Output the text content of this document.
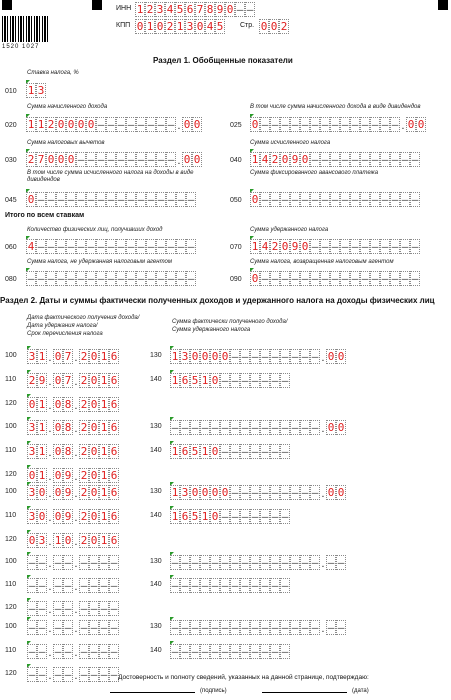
1520 1027
ИНН 1 2 3 4 5 6 7 8 9 0 – –
КПП 0 1 0 2 1 3 0 4 5 Стр. 0 0 2
Раздел 1. Обобщенные показатели
Ставка налога, %
010 1 3
Сумма начисленного дохода
020 1 1 2 0 0 0 0 – – – – – – – – . 0 0
В том числе сумма начисленного дохода в виде дивидендов
025 0 – – – – – – – – – – – – – – . 0 0
Сумма налоговых вычетов
030 2 7 0 0 0 – – – – – – – – – – . 0 0
Сумма исчисленного налога
040 1 4 2 0 9 0 – – – – – – – – – – –
В том числе сумма исчисленного налога на доходы в виде дивидендов
045 0 – – – – – – – – – – – – – – – –
Сумма фиксированного авансового платежа
050 0 – – – – – – – – – – – – – – – –
Итого по всем ставкам
Количество физических лиц, получивших доход
060 4 – – – – – – – – – – – – – – – –
Сумма удержанного налога
070 1 4 2 0 9 0 – – – – – – – – – – –
Сумма налога, не удержанная налоговым агентом
080 – – – – – – – – – – – – – – – – –
Сумма налога, возвращенная налоговым агентом
090 0 – – – – – – – – – – – – – – – –
Раздел 2. Даты и суммы фактически полученных доходов и удержанного налога на доходы физических лиц
Дата фактического получения дохода/
Дата удержания налога/
Срок перечисления налога
Сумма фактически полученного дохода/
Сумма удержанного налога
100 3 1 . 0 7 . 2 0 1 6
110 2 9 . 0 7 . 2 0 1 6
120 0 1 . 0 8 . 2 0 1 6
130 1 3 0 0 0 0 – – – – – – – – – . 0 0
140 1 6 5 1 0 – – – – – – –
100 3 1 . 0 8 . 2 0 1 6
110 3 1 . 0 8 . 2 0 1 6
120 0 1 . 0 9 . 2 0 1 6
130 – – – – – – – – – – – – – – – . 0 0
140 1 6 5 1 0 – – – – – – –
100 3 0 . 0 9 . 2 0 1 6
110 3 0 . 0 9 . 2 0 1 6
120 0 3 . 1 0 . 2 0 1 6
130 1 3 0 0 0 0 – – – – – – – – – . 0 0
140 1 6 5 1 0 – – – – – – –
100 – – . – – . – – – –
110 – – . – – . – – – –
120 – – . – – . – – – –
130 – – – – – – – – – – – – – – – . – –
140 – – – – – – – – – – – –
100 – – . – – . – – – –
110 – – . – – . – – – –
120 – – . – – . – – – –
130 – – – – – – – – – – – – – – – . – –
140 – – – – – – – – – – – –
Достоверность и полноту сведений, указанных на данной странице, подтверждаю:
(подпись)	(дата)
